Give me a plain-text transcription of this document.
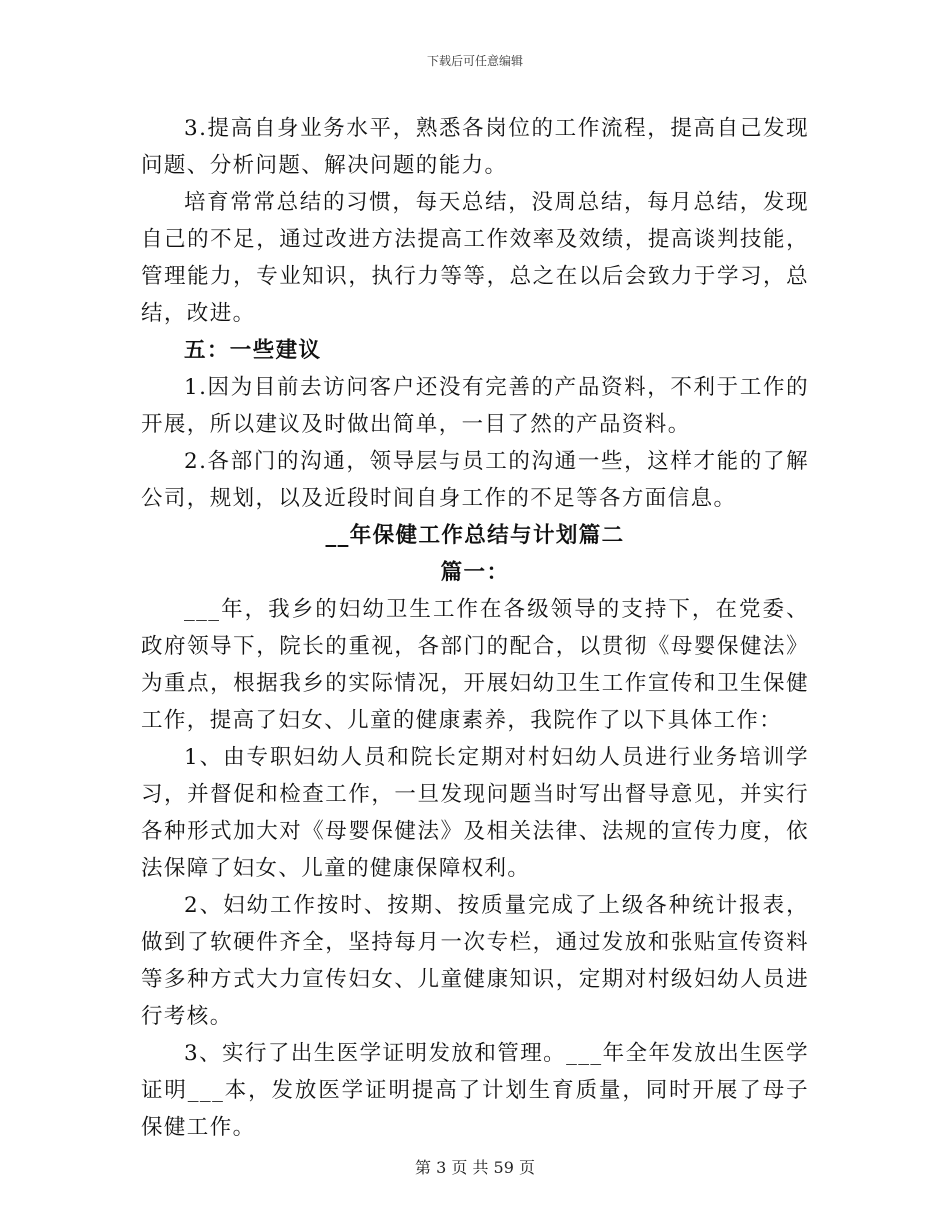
下载后可任意编辑

3.提高自身业务水平，熟悉各岗位的工作流程，提高自己发现问题、分析问题、解决问题的能力。

培育常常总结的习惯，每天总结，没周总结，每月总结，发现自己的不足，通过改进方法提高工作效率及效绩，提高谈判技能，管理能力，专业知识，执行力等等，总之在以后会致力于学习，总结，改进。

五：一些建议

1.因为目前去访问客户还没有完善的产品资料，不利于工作的开展，所以建议及时做出简单，一目了然的产品资料。

2.各部门的沟通，领导层与员工的沟通一些，这样才能的了解公司，规划，以及近段时间自身工作的不足等各方面信息。

__年保健工作总结与计划篇二

篇一：

___年，我乡的妇幼卫生工作在各级领导的支持下，在党委、政府领导下，院长的重视，各部门的配合，以贯彻《母婴保健法》为重点，根据我乡的实际情况，开展妇幼卫生工作宣传和卫生保健工作，提高了妇女、儿童的健康素养，我院作了以下具体工作：

1、由专职妇幼人员和院长定期对村妇幼人员进行业务培训学习，并督促和检查工作，一旦发现问题当时写出督导意见，并实行各种形式加大对《母婴保健法》及相关法律、法规的宣传力度，依法保障了妇女、儿童的健康保障权利。

2、妇幼工作按时、按期、按质量完成了上级各种统计报表，做到了软硬件齐全，坚持每月一次专栏，通过发放和张贴宣传资料等多种方式大力宣传妇女、儿童健康知识，定期对村级妇幼人员进行考核。

3、实行了出生医学证明发放和管理。___年全年发放出生医学证明___本，发放医学证明提高了计划生育质量，同时开展了母子保健工作。

第 3 页 共 59 页
